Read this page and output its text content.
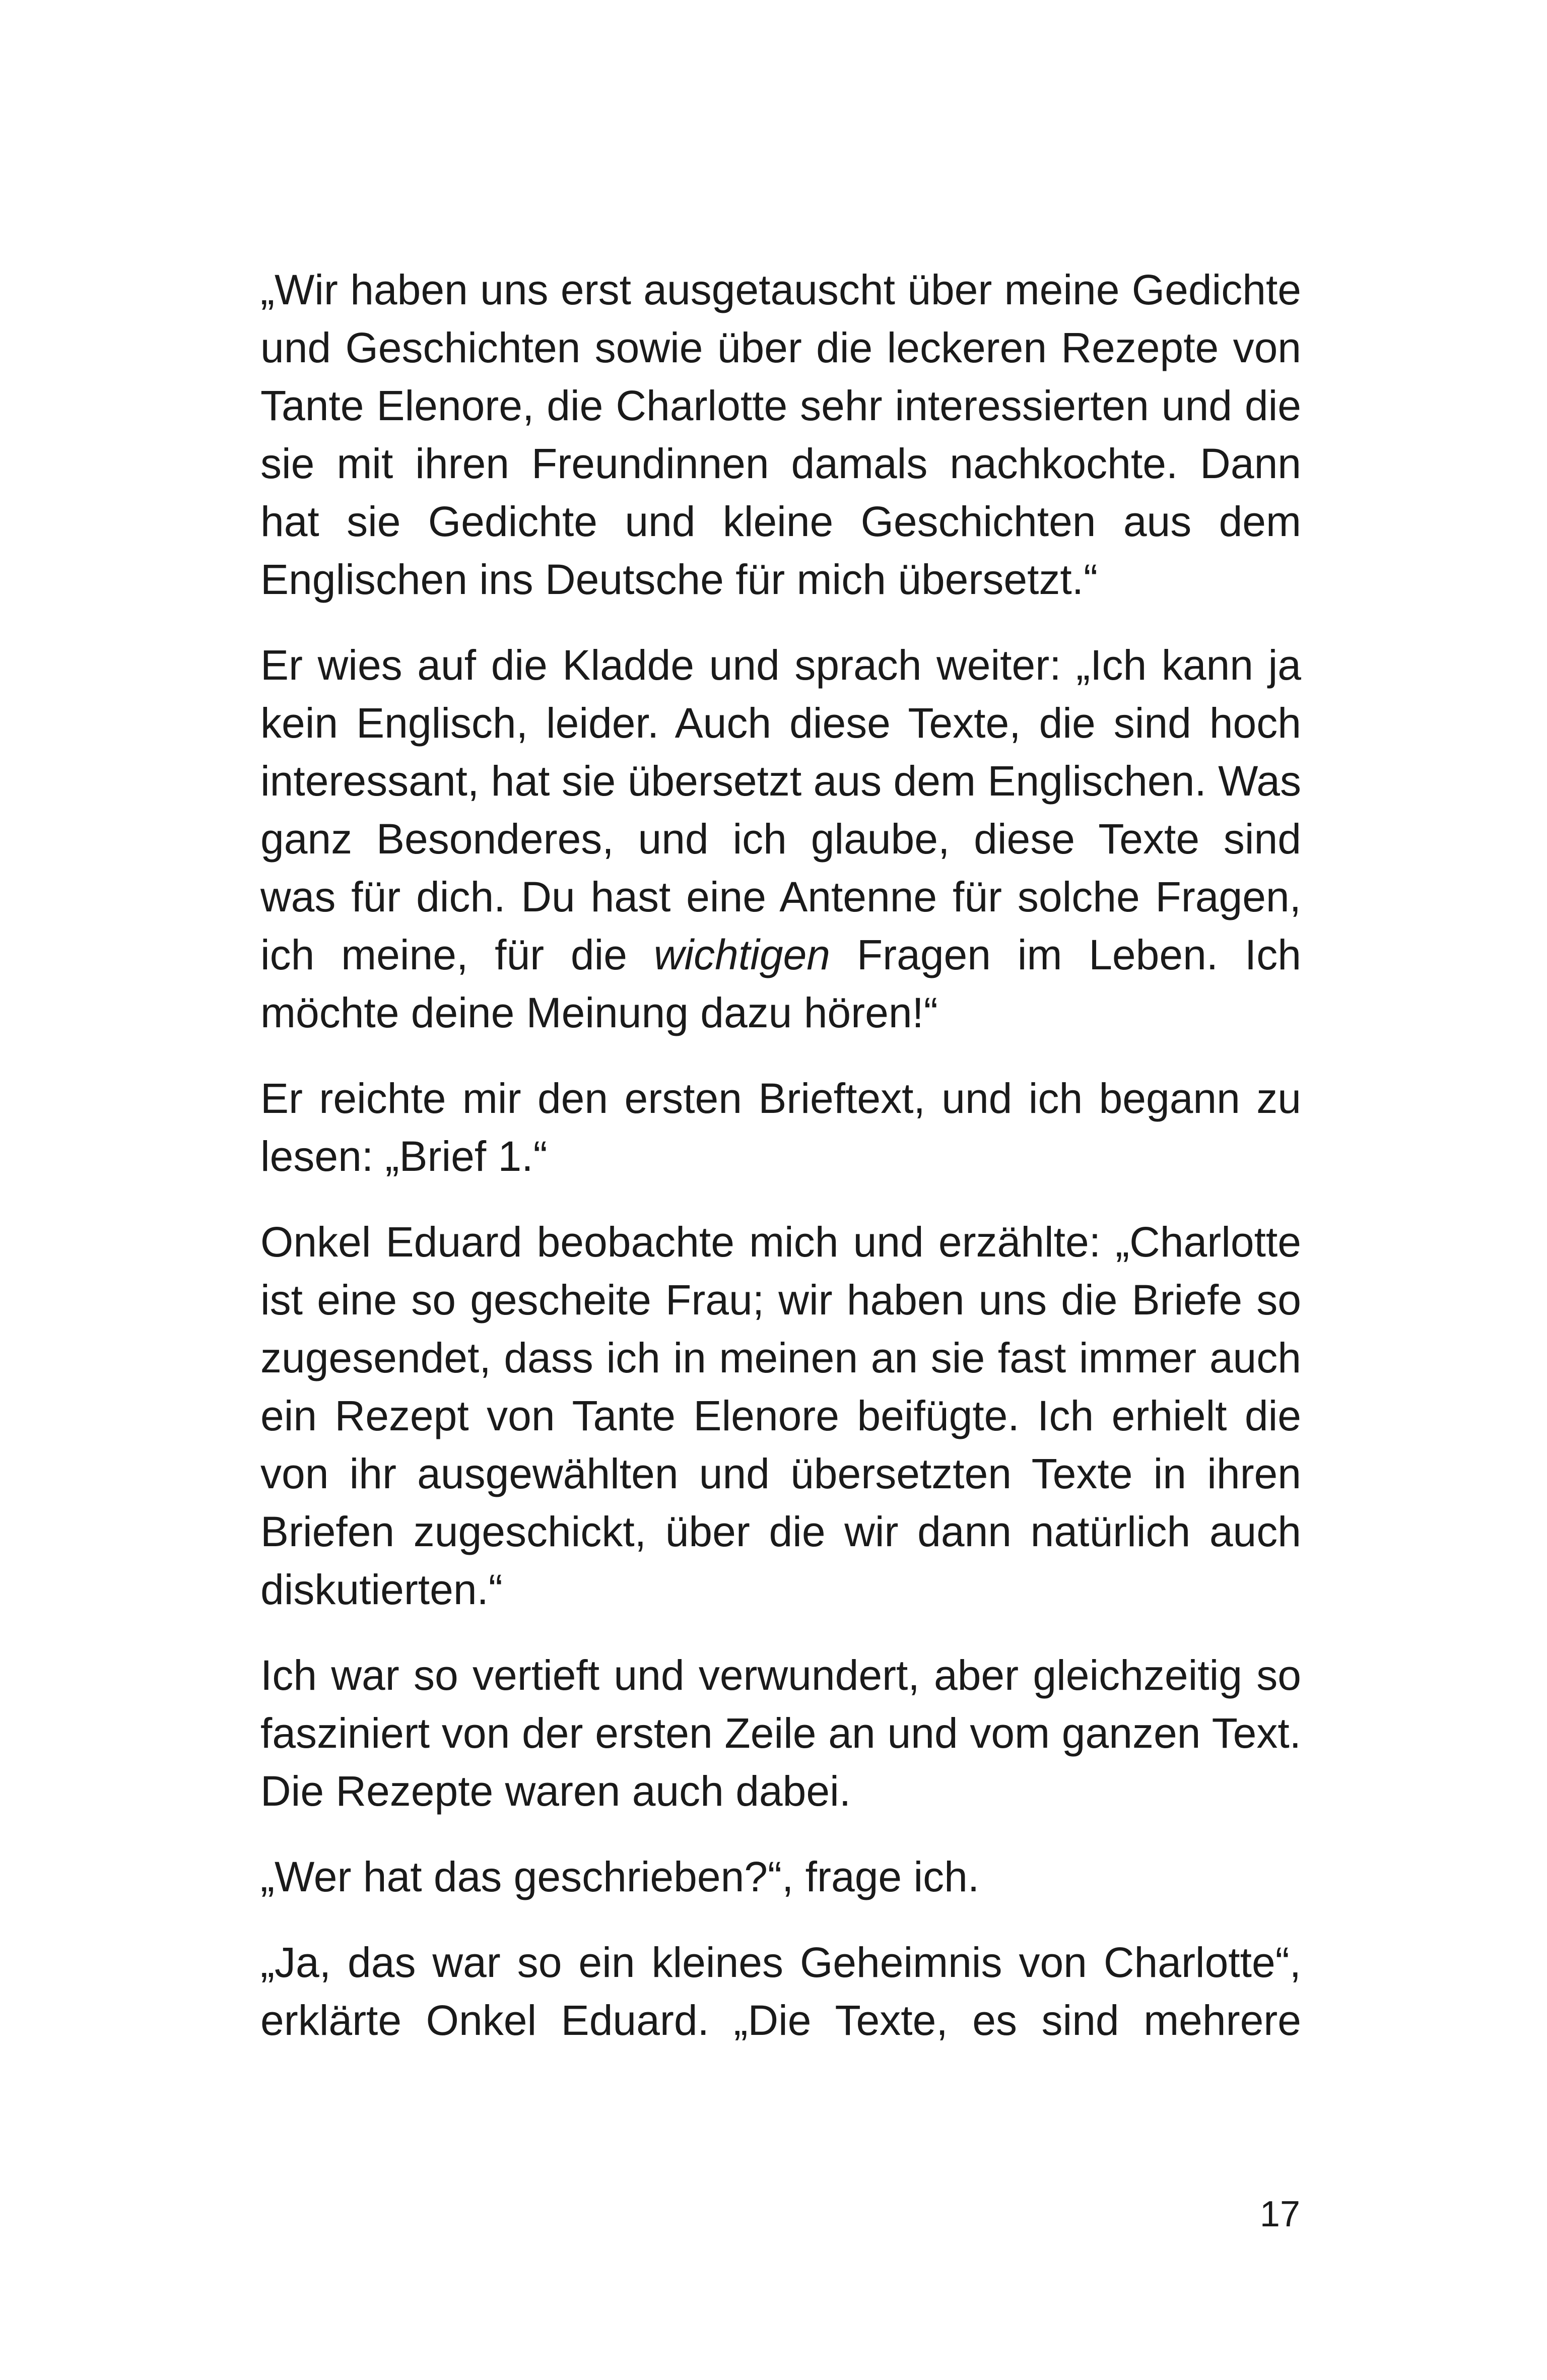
„Wir haben uns erst ausgetauscht über meine Gedichte und Geschichten sowie über die leckeren Rezepte von Tante Elenore, die Charlotte sehr interessierten und die sie mit ihren Freundinnen damals nachkochte. Dann hat sie Gedichte und kleine Geschichten aus dem Englischen ins Deutsche für mich übersetzt.“

Er wies auf die Kladde und sprach weiter: „Ich kann ja kein Englisch, leider. Auch diese Texte, die sind hoch interessant, hat sie übersetzt aus dem Englischen. Was ganz Besonderes, und ich glaube, diese Texte sind was für dich. Du hast eine Antenne für solche Fragen, ich meine, für die wichtigen Fragen im Leben. Ich möchte deine Meinung dazu hören!“

Er reichte mir den ersten Brieftext, und ich begann zu lesen: „Brief 1.“

Onkel Eduard beobachte mich und erzählte: „Charlotte ist eine so gescheite Frau; wir haben uns die Briefe so zugesendet, dass ich in meinen an sie fast immer auch ein Rezept von Tante Elenore beifügte. Ich erhielt die von ihr ausgewählten und übersetzten Texte in ihren Briefen zugeschickt, über die wir dann natürlich auch diskutierten.“

Ich war so vertieft und verwundert, aber gleichzeitig so fasziniert von der ersten Zeile an und vom ganzen Text. Die Rezepte waren auch dabei.

„Wer hat das geschrieben?“, frage ich.

„Ja, das war so ein kleines Geheimnis von Charlotte“, erklärte Onkel Eduard. „Die Texte, es sind mehrere

17
